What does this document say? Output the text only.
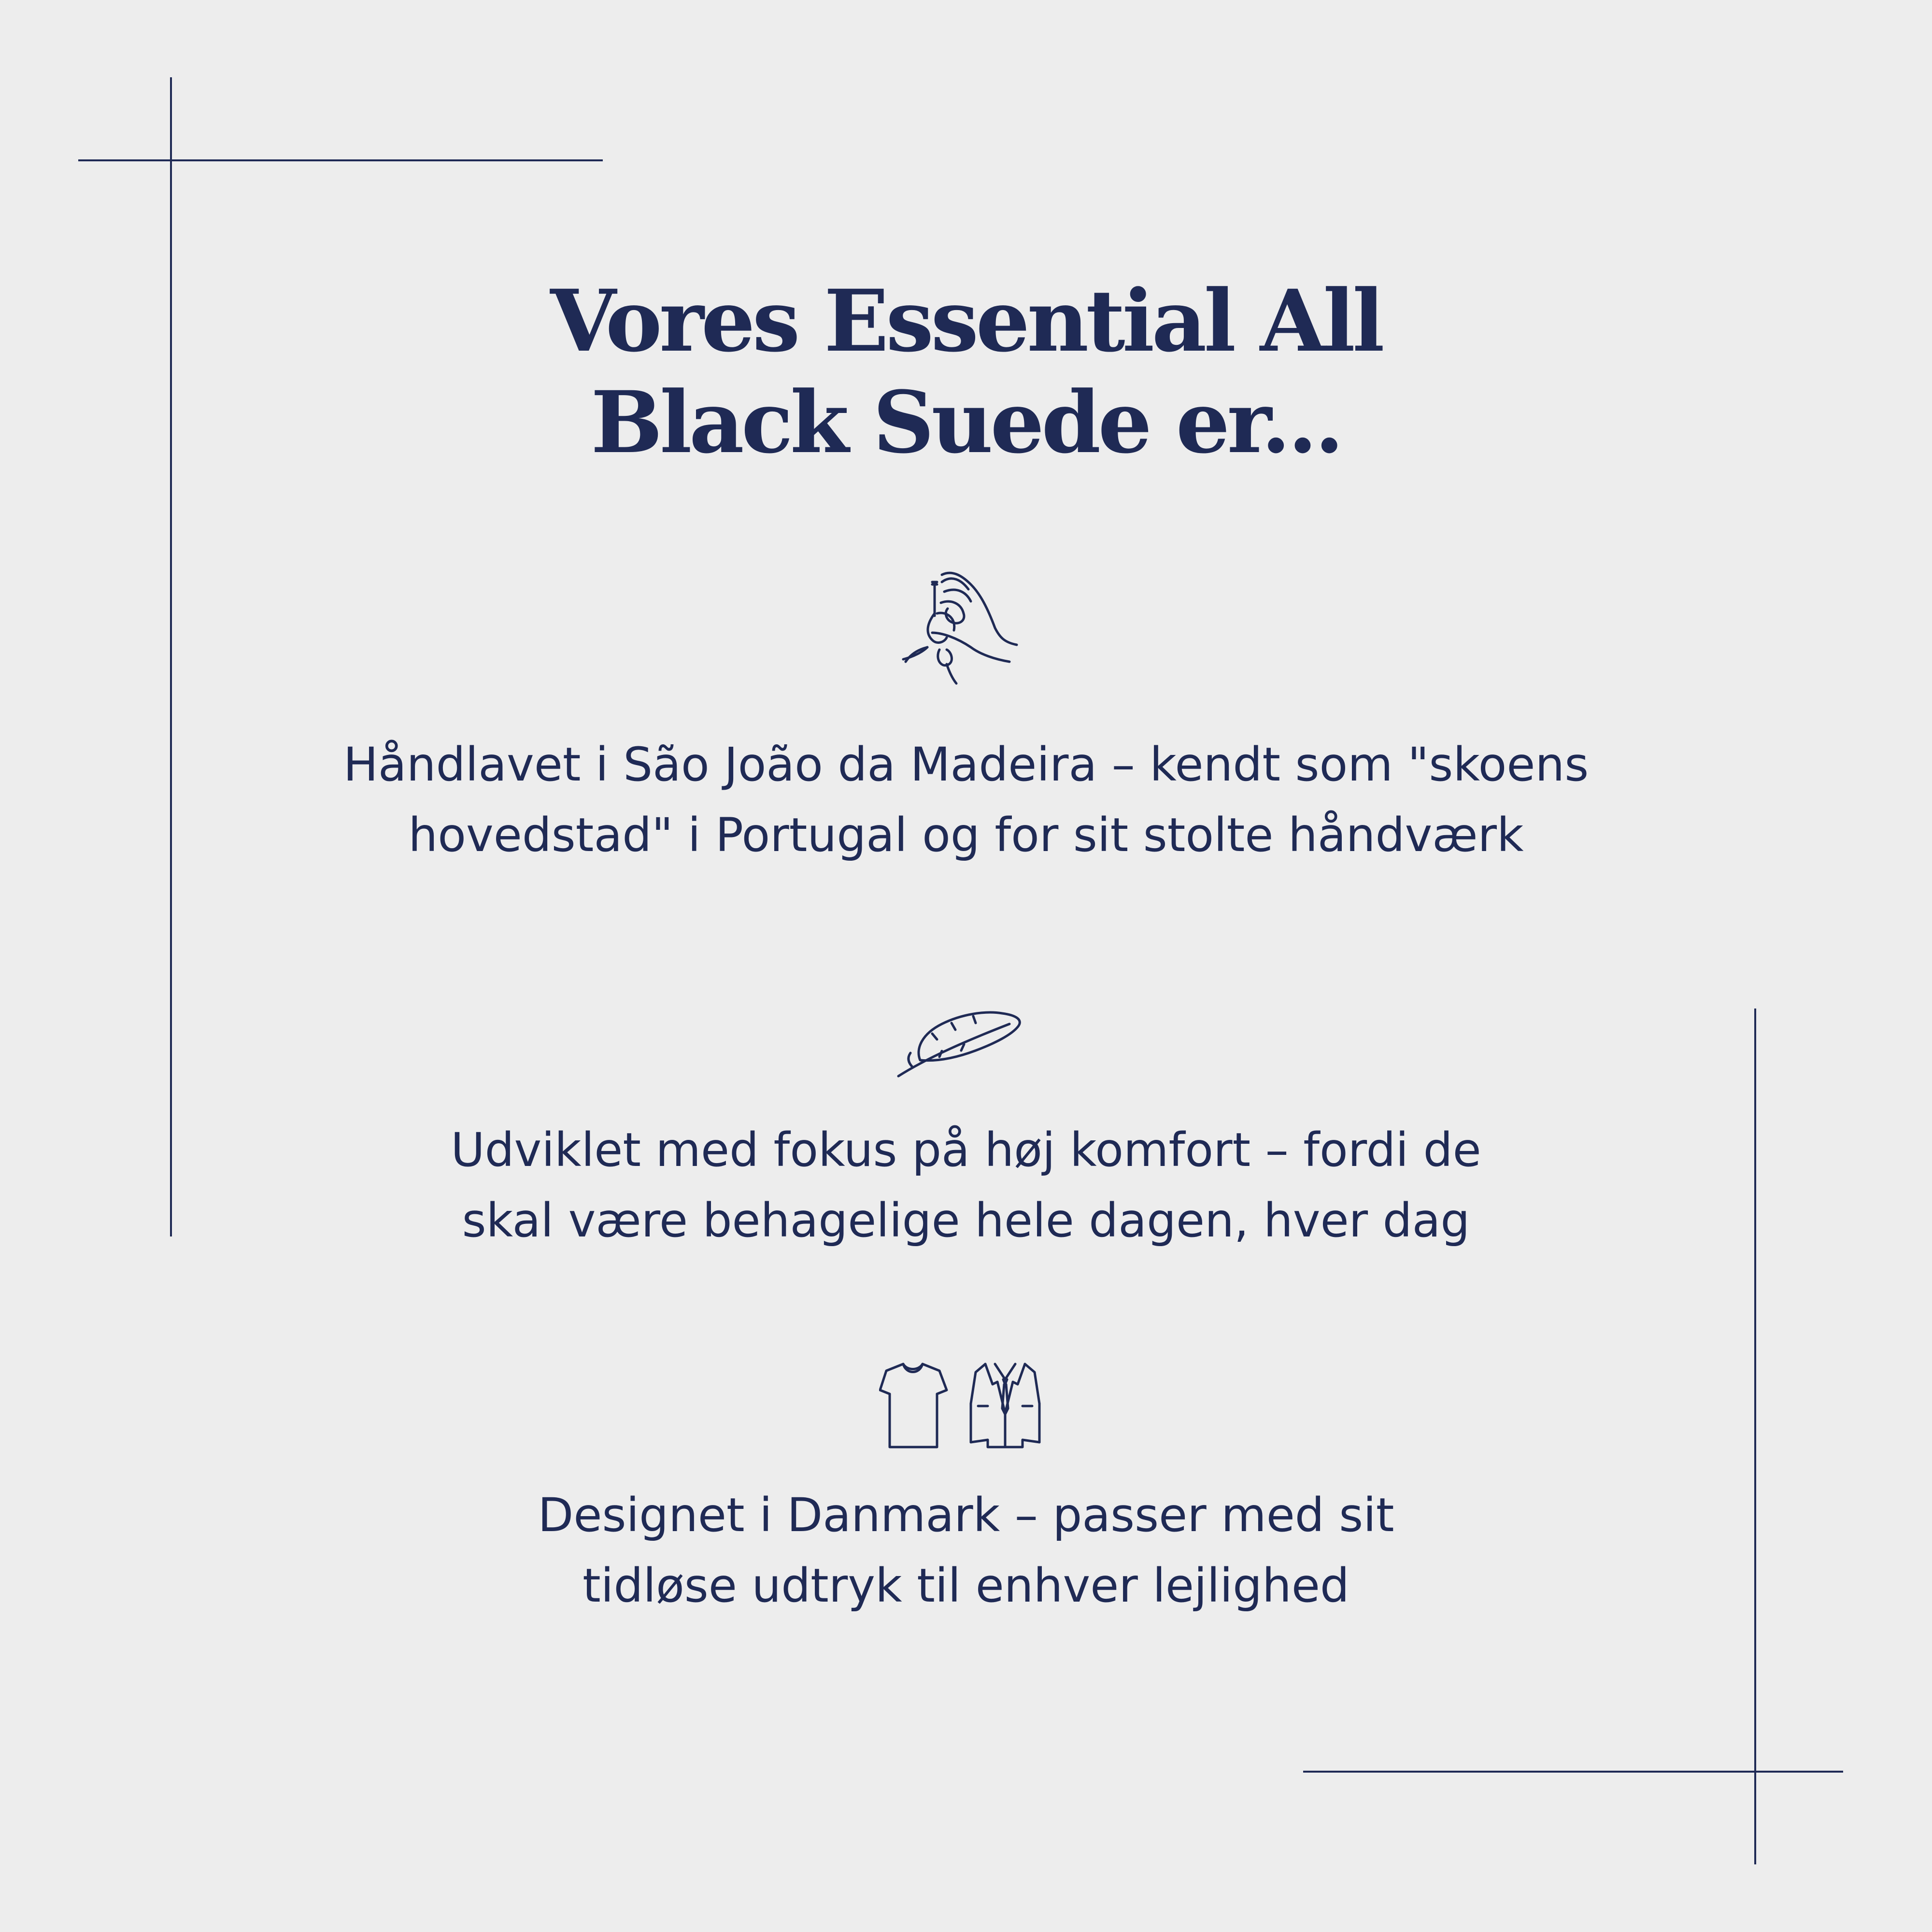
Vores Essential All
Black Suede er...
Håndlavet i São João da Madeira – kendt som "skoens
hovedstad" i Portugal og for sit stolte håndværk
Udviklet med fokus på høj komfort – fordi de
skal være behagelige hele dagen, hver dag
Designet i Danmark – passer med sit
tidløse udtryk til enhver lejlighed
